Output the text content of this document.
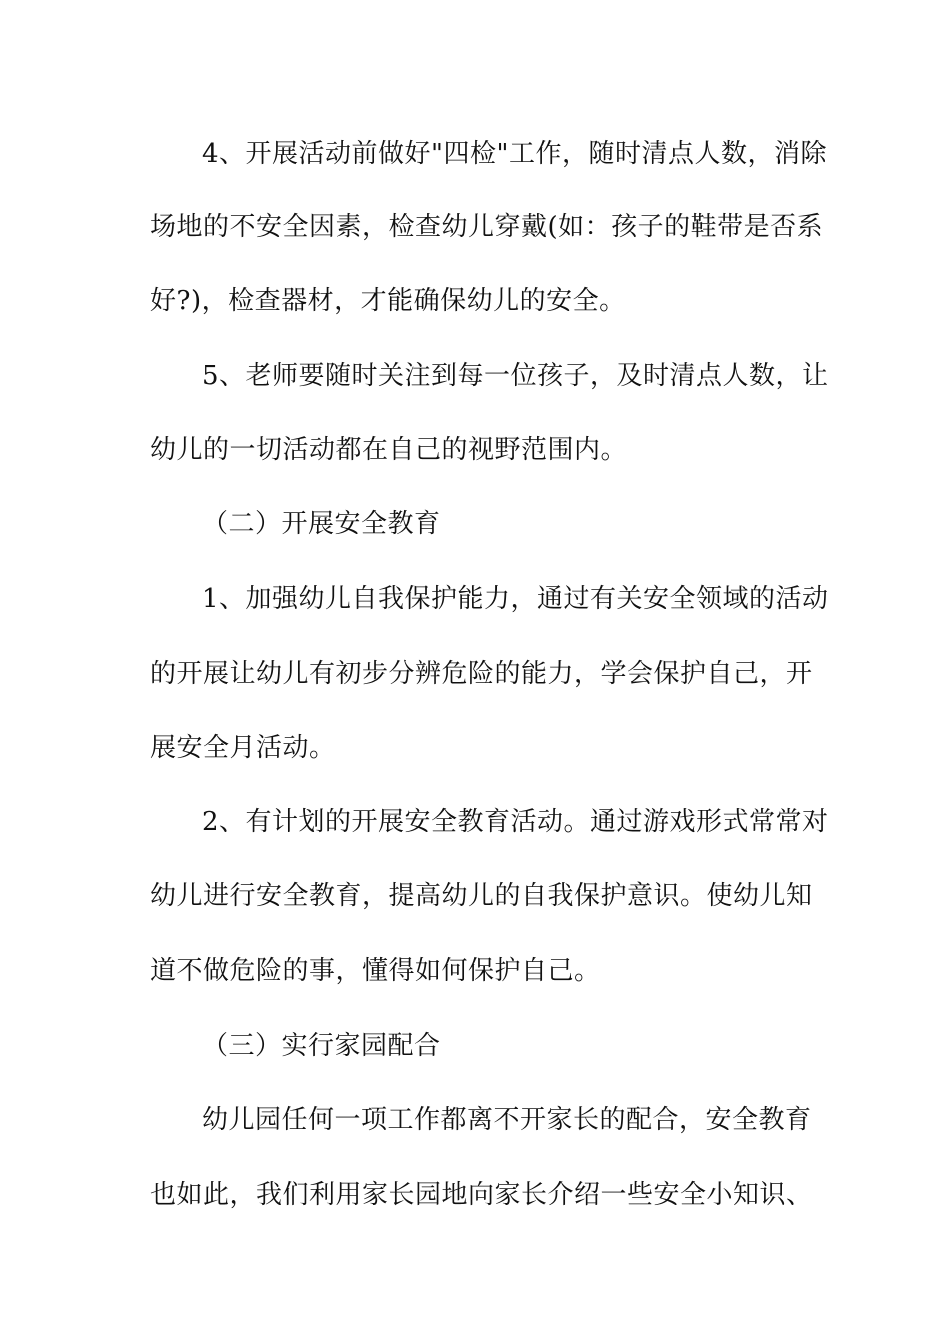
4、开展活动前做好"四检"工作，随时清点人数，消除
场地的不安全因素，检查幼儿穿戴(如：孩子的鞋带是否系
好?)，检查器材，才能确保幼儿的安全。
5、老师要随时关注到每一位孩子，及时清点人数，让
幼儿的一切活动都在自己的视野范围内。
（二）开展安全教育
1、加强幼儿自我保护能力，通过有关安全领域的活动
的开展让幼儿有初步分辨危险的能力，学会保护自己，开
展安全月活动。
2、有计划的开展安全教育活动。通过游戏形式常常对
幼儿进行安全教育，提高幼儿的自我保护意识。使幼儿知
道不做危险的事，懂得如何保护自己。
（三）实行家园配合
幼儿园任何一项工作都离不开家长的配合，安全教育
也如此，我们利用家长园地向家长介绍一些安全小知识、
